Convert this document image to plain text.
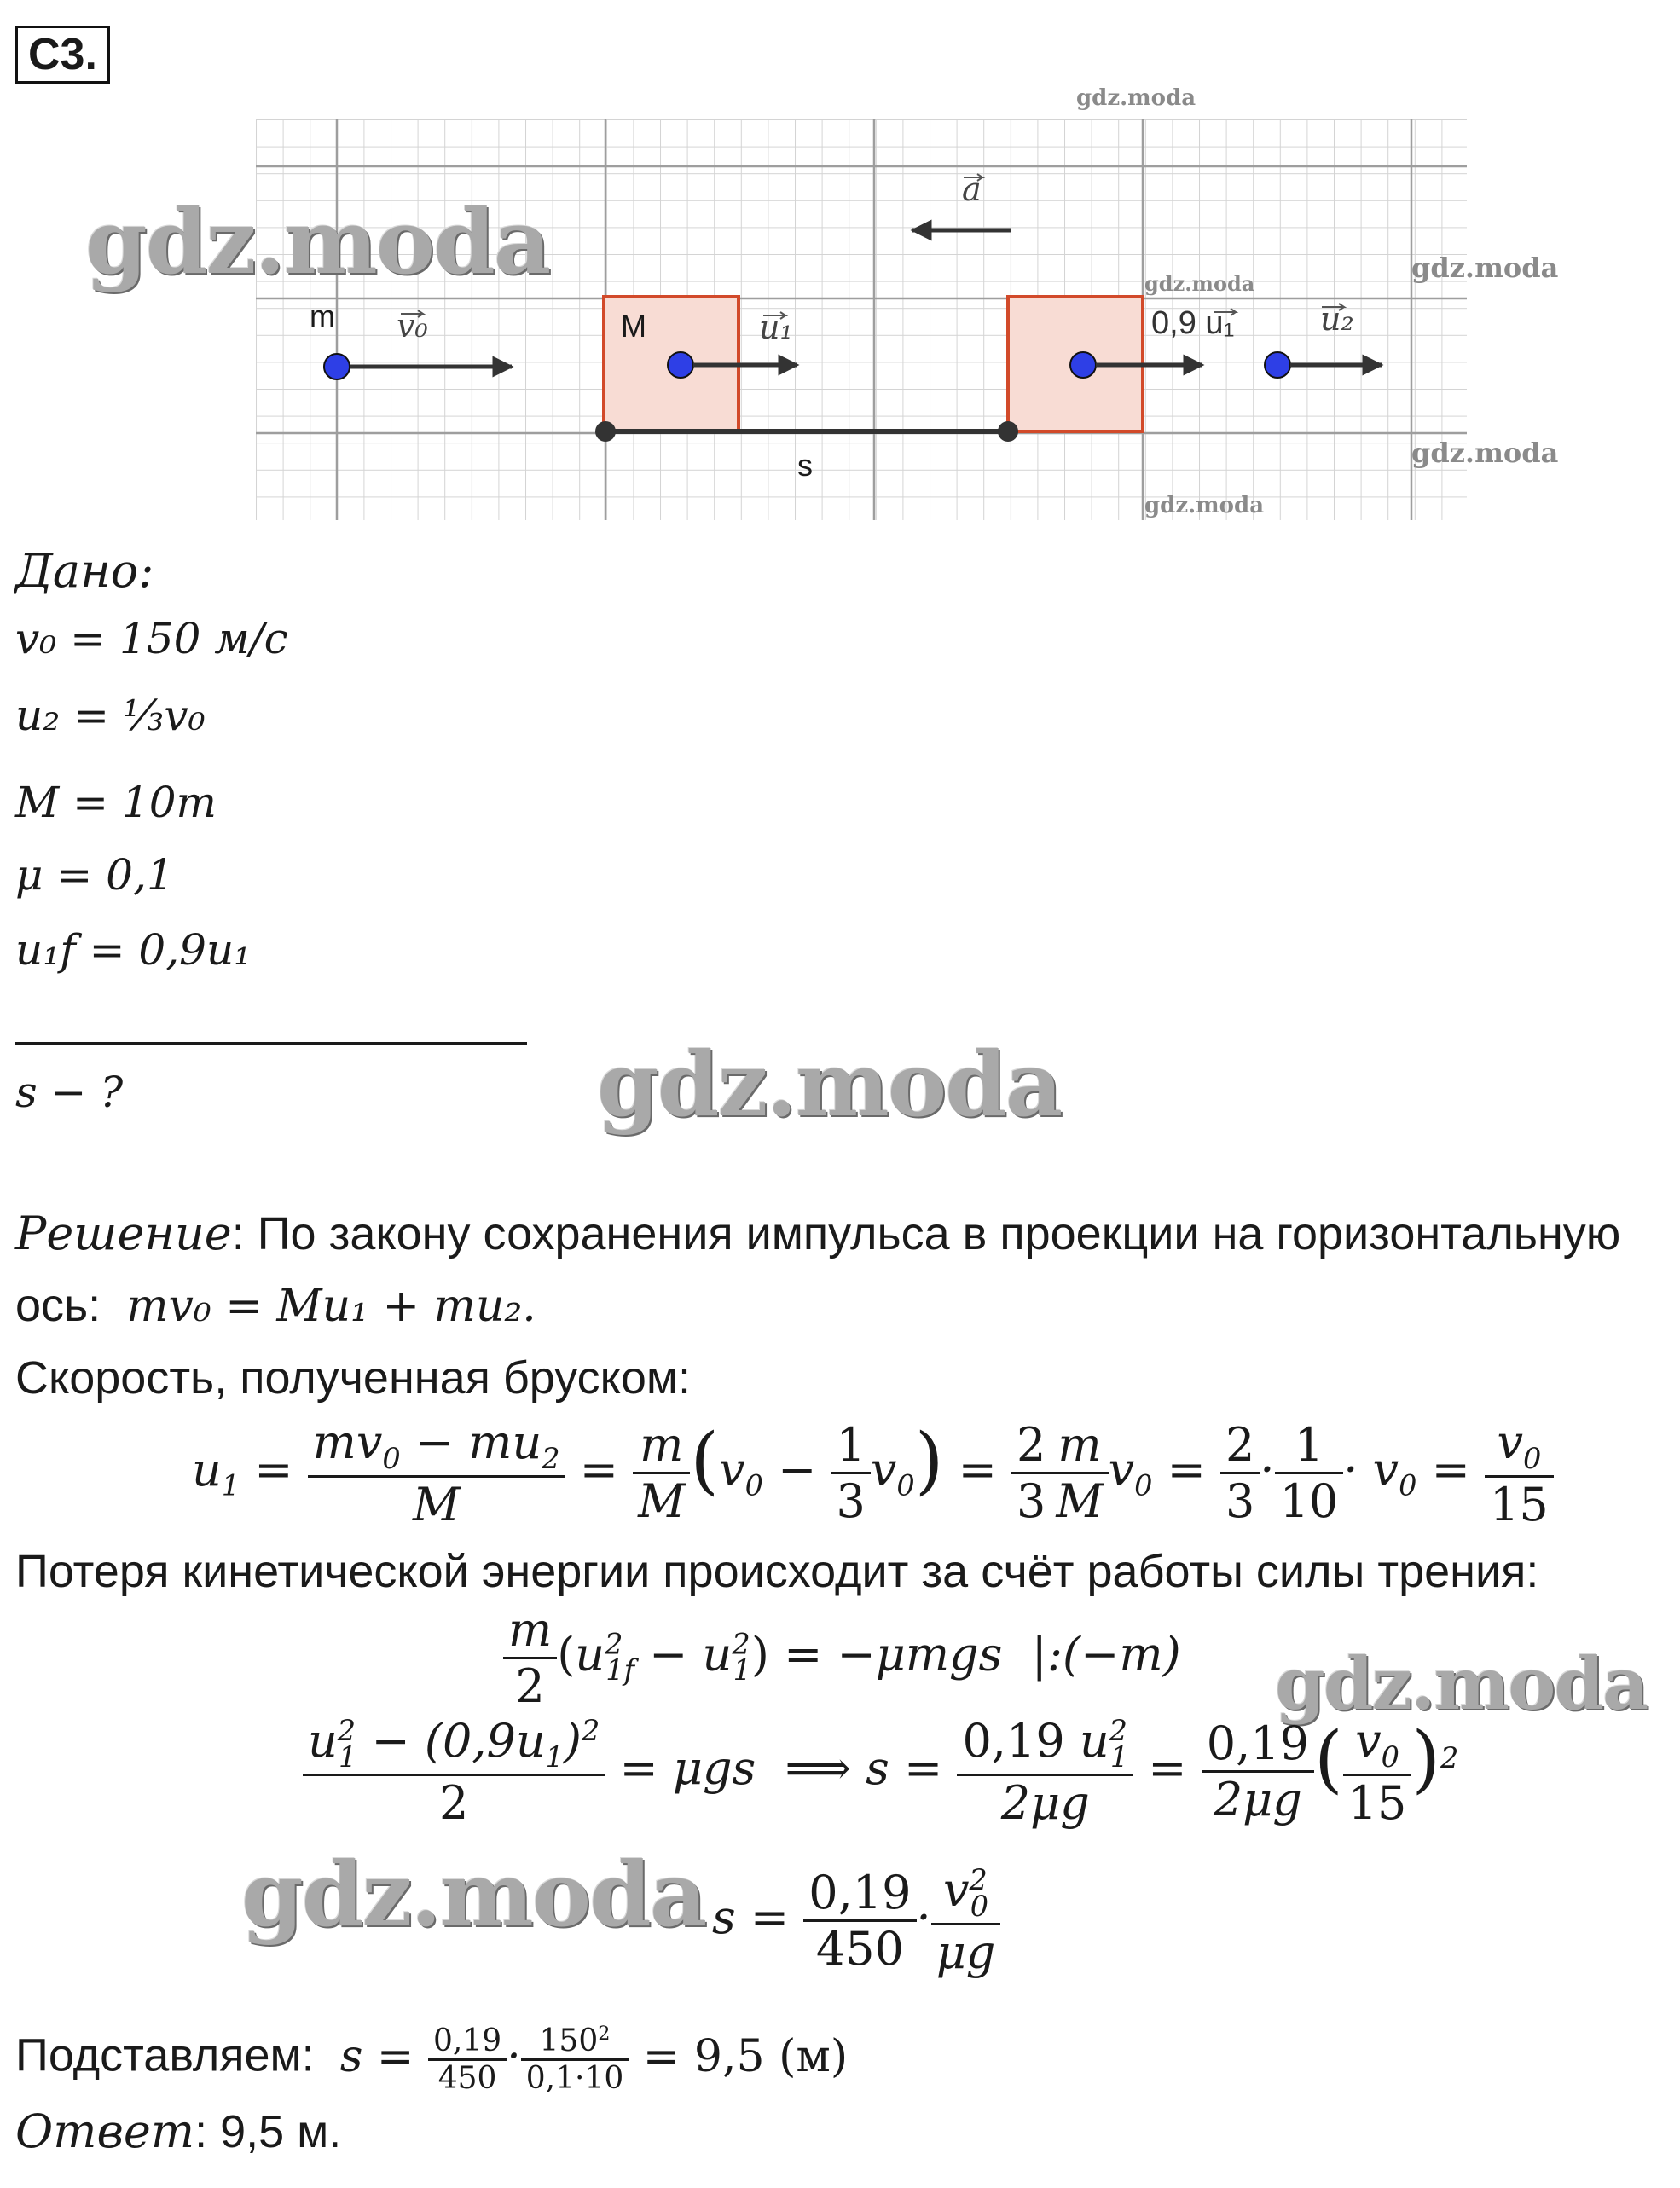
C3.
m	M
v₀	u₁
a
0,9 u₁	u₂
s
gdz.moda
gdz.moda
gdz.moda
gdz.moda
gdz.moda
gdz.moda	gdz.moda
gdz.moda
gdz.moda
Дано:
v₀ = 150 м/с
u₂ = ⅓v₀
M = 10m
μ = 0,1
u₁f = 0,9u₁
s − ?
Решение: По закону сохранения импульса в проекции на горизонтальную
ось: mv₀ = Mu₁ + mu₂.
Скорость, полученная бруском:
$u_1 = \frac{mv_0 - mu_2}{M} = \frac{m}{M} (v_0 - \frac{1}{3} v_0) = \frac{2}{3} \frac{m}{M} v_0 = \frac{2}{3} \cdot \frac{1}{10} \cdot v_0 = \frac{v_0}{15}$
Потеря кинетической энергии происходит за счёт работы силы трения:
$\frac{m}{2} (u^2_{1f} - u^2_1) = -\mu mgs$  |:(−m)
$\frac{u^2_1 - (0,9u_1)^2}{2} = \mu gs$  ⟹ $s = \frac{0,19 u^2_1}{2\mu g} = \frac{0,19}{2\mu g}$ ( $\frac{v_0}{15} )^2$
$s = \frac{0,19}{450} \cdot \frac{v^2_0}{\mu g}$
Подставляем: $s = \frac{0,19}{450} \cdot \frac{150^2}{0,1\cdot 10} = 9,5$ (м)
Ответ: 9,5 м.
